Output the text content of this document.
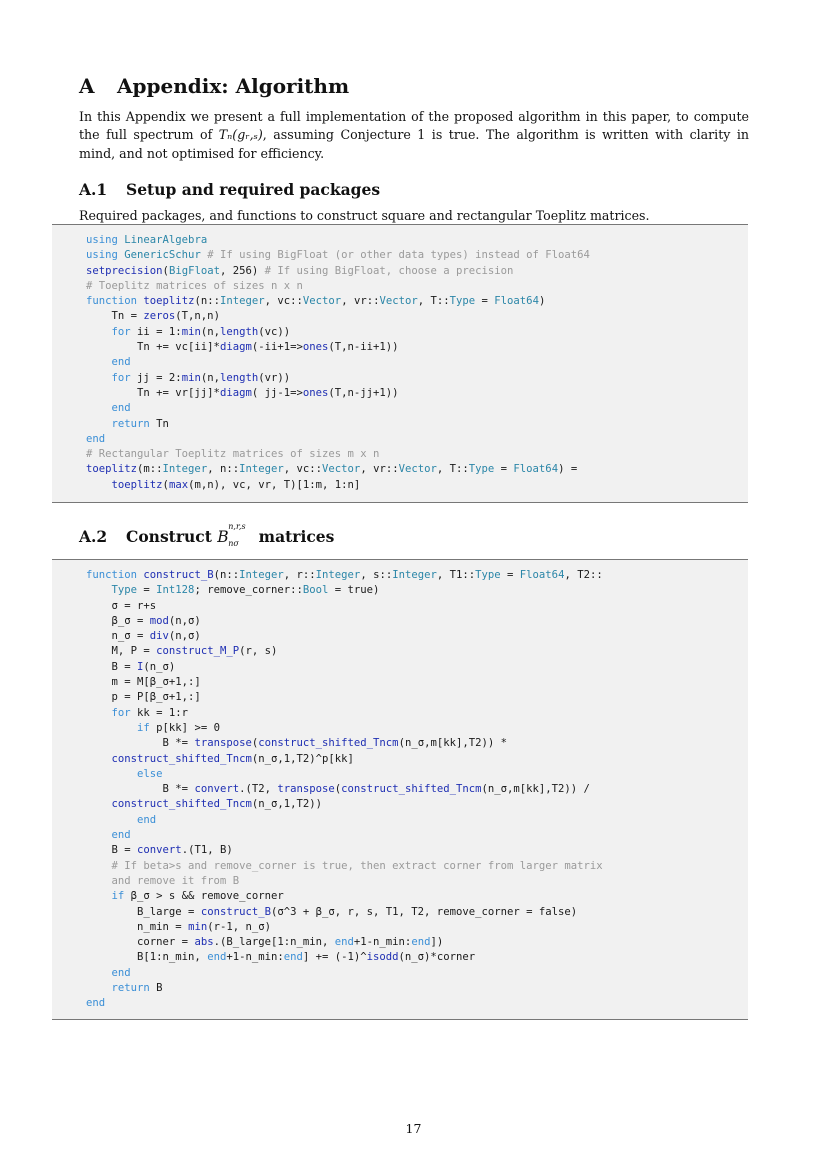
A Appendix: Algorithm

In this Appendix we present a full implementation of the proposed algorithm in this paper, to compute the full spectrum of Tₙ(gᵣ,ₛ), assuming Conjecture 1 is true. The algorithm is written with clarity in mind, and not optimised for efficiency.

A.1 Setup and required packages

Required packages, and functions to construct square and rectangular Toeplitz matrices.

using LinearAlgebra
using GenericSchur # If using BigFloat (or other data types) instead of Float64
setprecision(BigFloat, 256) # If using BigFloat, choose a precision
# Toeplitz matrices of sizes n x n
function toeplitz(n::Integer, vc::Vector, vr::Vector, T::Type = Float64)
Tn = zeros(T,n,n)
for ii = 1:min(n,length(vc))
Tn += vc[ii]*diagm(-ii+1=>ones(T,n-ii+1))
end
for jj = 2:min(n,length(vr))
Tn += vr[jj]*diagm( jj-1=>ones(T,n-jj+1))
end
return Tn
end
# Rectangular Toeplitz matrices of sizes m x n
toeplitz(m::Integer, n::Integer, vc::Vector, vr::Vector, T::Type = Float64) =
toeplitz(max(m,n), vc, vr, T)[1:m, 1:n]
A.2 Construct B
n,r,s
nσ matrices
function construct_B(n::Integer, r::Integer, s::Integer, T1::Type = Float64, T2::
Type = Int128; remove_corner::Bool = true)
σ = r+s
β_σ = mod(n,σ)
n_σ = div(n,σ)
M, P = construct_M_P(r, s)
B = I(n_σ)
m = M[β_σ+1,:]
p = P[β_σ+1,:]
for kk = 1:r
if p[kk] >= 0
B *= transpose(construct_shifted_Tncm(n_σ,m[kk],T2)) *
construct_shifted_Tncm(n_σ,1,T2)^p[kk]
else
B *= convert.(T2, transpose(construct_shifted_Tncm(n_σ,m[kk],T2)) /
construct_shifted_Tncm(n_σ,1,T2))
end
end
B = convert.(T1, B)
# If beta>s and remove_corner is true, then extract corner from larger matrix
and remove it from B
if β_σ > s && remove_corner
B_large = construct_B(σ^3 + β_σ, r, s, T1, T2, remove_corner = false)
n_min = min(r-1, n_σ)
corner = abs.(B_large[1:n_min, end+1-n_min:end])
B[1:n_min, end+1-n_min:end] += (-1)^isodd(n_σ)*corner
end
return B
end
17
